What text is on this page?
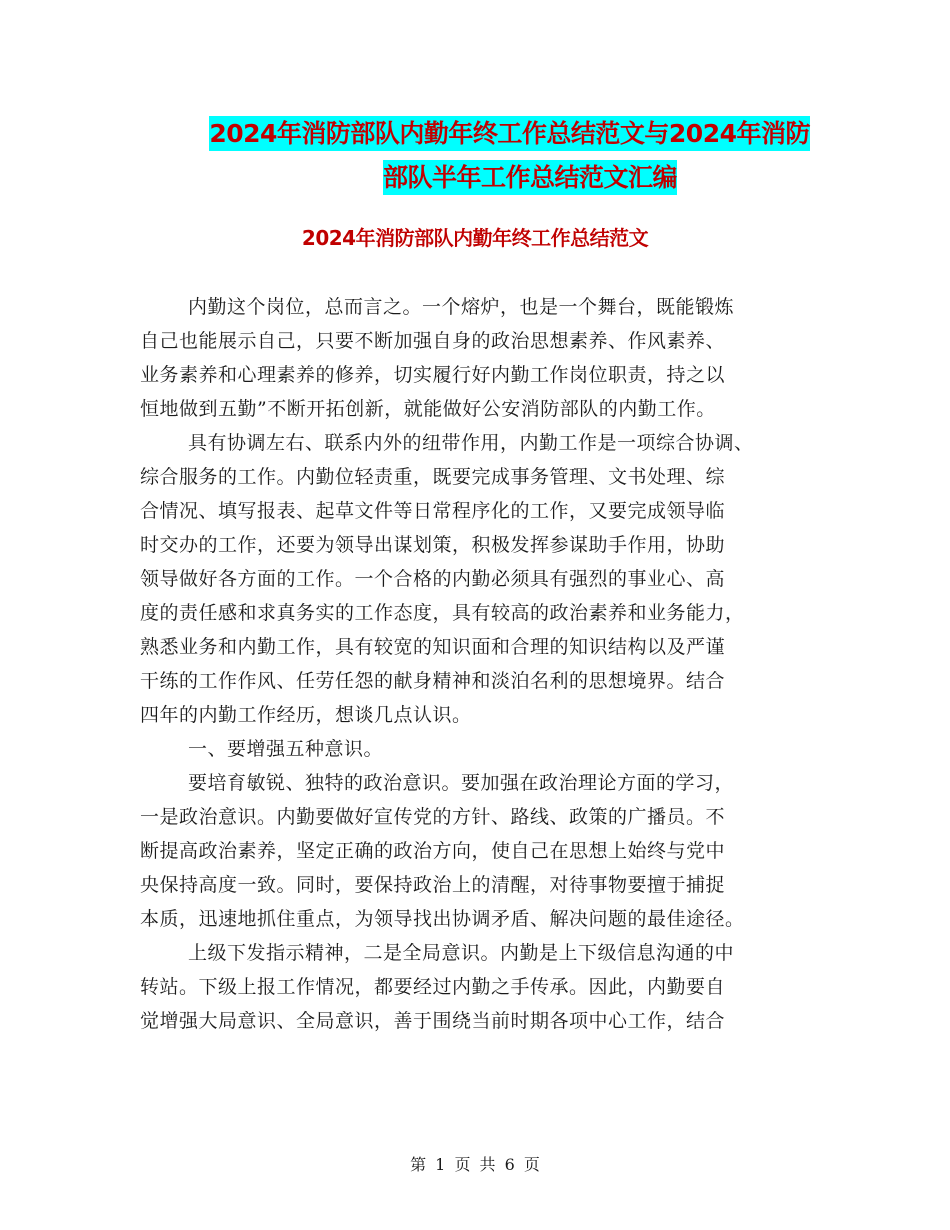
2024年消防部队内勤年终工作总结范文与2024年消防
部队半年工作总结范文汇编
2024年消防部队内勤年终工作总结范文
内勤这个岗位，总而言之。一个熔炉，也是一个舞台，既能锻炼
自己也能展示自己，只要不断加强自身的政治思想素养、作风素养、
业务素养和心理素养的修养，切实履行好内勤工作岗位职责，持之以
恒地做到五勤”不断开拓创新，就能做好公安消防部队的内勤工作。
具有协调左右、联系内外的纽带作用，内勤工作是一项综合协调、
综合服务的工作。内勤位轻责重，既要完成事务管理、文书处理、综
合情况、填写报表、起草文件等日常程序化的工作，又要完成领导临
时交办的工作，还要为领导出谋划策，积极发挥参谋助手作用，协助
领导做好各方面的工作。一个合格的内勤必须具有强烈的事业心、高
度的责任感和求真务实的工作态度，具有较高的政治素养和业务能力，
熟悉业务和内勤工作，具有较宽的知识面和合理的知识结构以及严谨
干练的工作作风、任劳任怨的献身精神和淡泊名利的思想境界。结合
四年的内勤工作经历，想谈几点认识。
一、要增强五种意识。
要培育敏锐、独特的政治意识。要加强在政治理论方面的学习，
一是政治意识。内勤要做好宣传党的方针、路线、政策的广播员。不
断提高政治素养，坚定正确的政治方向，使自己在思想上始终与党中
央保持高度一致。同时，要保持政治上的清醒，对待事物要擅于捕捉
本质，迅速地抓住重点，为领导找出协调矛盾、解决问题的最佳途径。
上级下发指示精神，二是全局意识。内勤是上下级信息沟通的中
转站。下级上报工作情况，都要经过内勤之手传承。因此，内勤要自
觉增强大局意识、全局意识，善于围绕当前时期各项中心工作，结合
第 1 页 共 6 页
